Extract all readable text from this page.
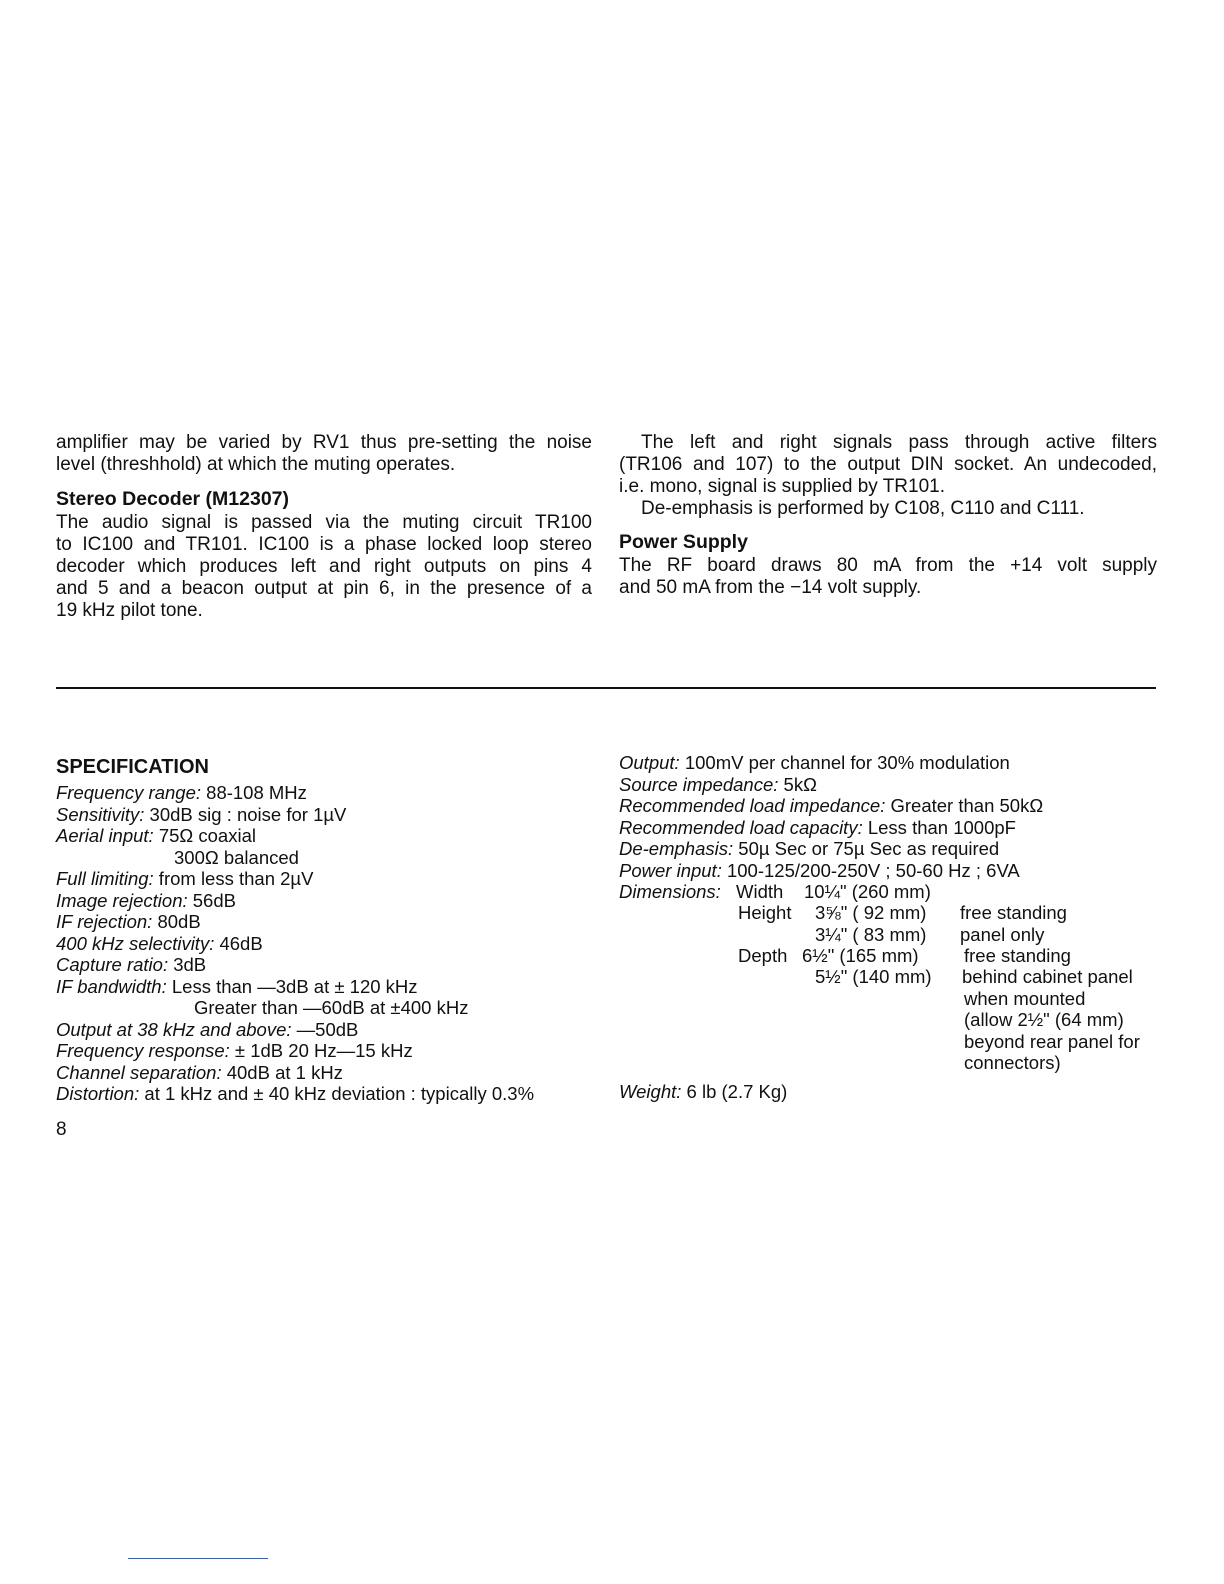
amplifier may be varied by RV1 thus pre-setting the noise

level (threshhold) at which the muting operates.

Stereo Decoder (M12307)

The audio signal is passed via the muting circuit TR100

to IC100 and TR101. IC100 is a phase locked loop stereo

decoder which produces left and right outputs on pins 4

and 5 and a beacon output at pin 6, in the presence of a

19 kHz pilot tone.

The left and right signals pass through active filters

(TR106 and 107) to the output DIN socket. An undecoded,

i.e. mono, signal is supplied by TR101.

De-emphasis is performed by C108, C110 and C111.

Power Supply

The RF board draws 80 mA from the +14 volt supply

and 50 mA from the −14 volt supply.

SPECIFICATION

Frequency range: 88-108 MHz
Sensitivity: 30dB sig : noise for 1µV
Aerial input: 75Ω coaxial
300Ω balanced
Full limiting: from less than 2µV
Image rejection: 56dB
IF rejection: 80dB
400 kHz selectivity: 46dB
Capture ratio: 3dB
IF bandwidth: Less than —3dB at ± 120 kHz
Greater than —60dB at ±400 kHz
Output at 38 kHz and above: —50dB
Frequency response: ± 1dB 20 Hz—15 kHz
Channel separation: 40dB at 1 kHz
Distortion: at 1 kHz and ± 40 kHz deviation : typically 0.3%

8

Output: 100mV per channel for 30% modulation
Source impedance: 5kΩ
Recommended load impedance: Greater than 50kΩ
Recommended load capacity: Less than 1000pF
De-emphasis: 50µ Sec or 75µ Sec as required
Power input: 100-125/200-250V ; 50-60 Hz ; 6VA
Dimensions: Width 10¼" (260 mm)
Height 3⅝" ( 92 mm) free standing
3¼" ( 83 mm) panel only
Depth 6½" (165 mm) free standing
5½" (140 mm) behind cabinet panel
when mounted
(allow 2½" (64 mm)
beyond rear panel for
connectors)
Weight: 6 lb (2.7 Kg)
